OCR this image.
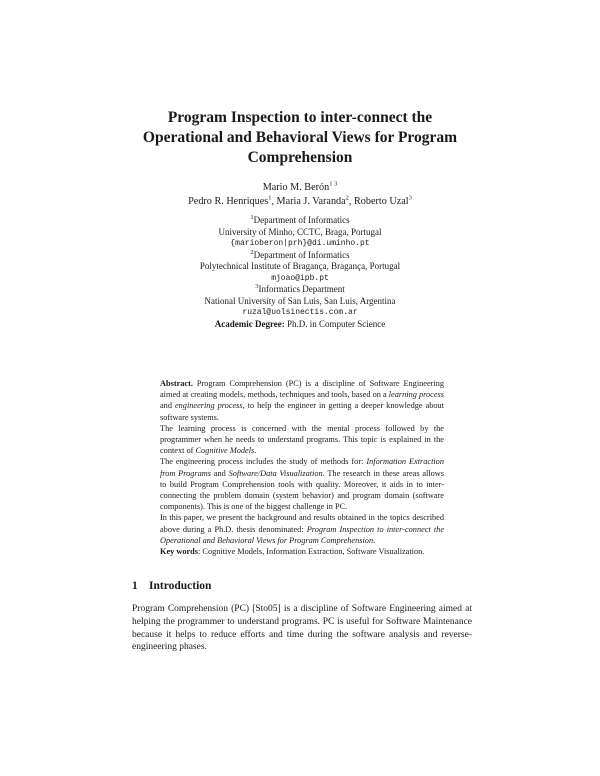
Program Inspection to inter-connect the
Operational and Behavioral Views for Program
Comprehension
Mario M. Berón$^{1 3}$
Pedro R. Henriques$^1$, Maria J. Varanda$^2$, Roberto Uzal$^3$
$^1$Department of Informatics
University of Minho, CCTC, Braga, Portugal
{marioberon|prh}@di.uminho.pt
$^2$Department of Informatics
Polytechnical Institute of Bragança, Bragança, Portugal
mjoao@ipb.pt
$^3$Informatics Department
National University of San Luis, San Luis, Argentina
ruzal@uolsinectis.com.ar
Academic Degree: Ph.D. in Computer Science

Abstract. Program Comprehension (PC) is a discipline of Software Engineering aimed at creating models, methods, techniques and tools, based on a learning process and engineering process, to help the engineer in getting a deeper knowledge about software systems.

The learning process is concerned with the mental process followed by the programmer when he needs to understand programs. This topic is explained in the context of Cognitive Models.

The engineering process includes the study of methods for: Information Extraction from Programs and Software/Data Visualization. The research in these areas allows to build Program Comprehension tools with quality. Moreover, it aids in to inter-connecting the problem domain (system behavior) and program domain (software components). This is one of the biggest challenge in PC.

In this paper, we present the background and results obtained in the topics described above during a Ph.D. thesis denominated: Program Inspection to inter-connect the Operational and Behavioral Views for Program Comprehension.

Key words: Cognitive Models, Information Extraction, Software Visualization.

1 Introduction
Program Comprehension (PC) [Sto05] is a discipline of Software Engineering aimed at helping the programmer to understand programs. PC is useful for Software Maintenance because it helps to reduce efforts and time during the software analysis and reverse-engineering phases.
